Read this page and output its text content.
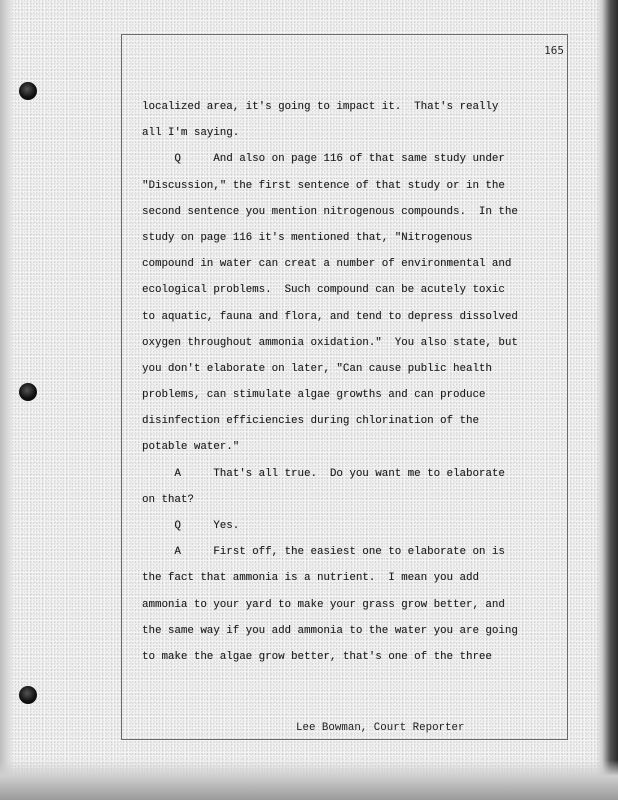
165
localized area, it's going to impact it.  That's really
all I'm saying.
Q     And also on page 116 of that same study under
"Discussion," the first sentence of that study or in the
second sentence you mention nitrogenous compounds.  In the
study on page 116 it's mentioned that, "Nitrogenous
compound in water can creat a number of environmental and
ecological problems.  Such compound can be acutely toxic
to aquatic, fauna and flora, and tend to depress dissolved
oxygen throughout ammonia oxidation."  You also state, but
you don't elaborate on later, "Can cause public health
problems, can stimulate algae growths and can produce
disinfection efficiencies during chlorination of the
potable water."
A     That's all true.  Do you want me to elaborate
on that?
Q     Yes.
A     First off, the easiest one to elaborate on is
the fact that ammonia is a nutrient.  I mean you add
ammonia to your yard to make your grass grow better, and
the same way if you add ammonia to the water you are going
to make the algae grow better, that's one of the three
Lee Bowman, Court Reporter
